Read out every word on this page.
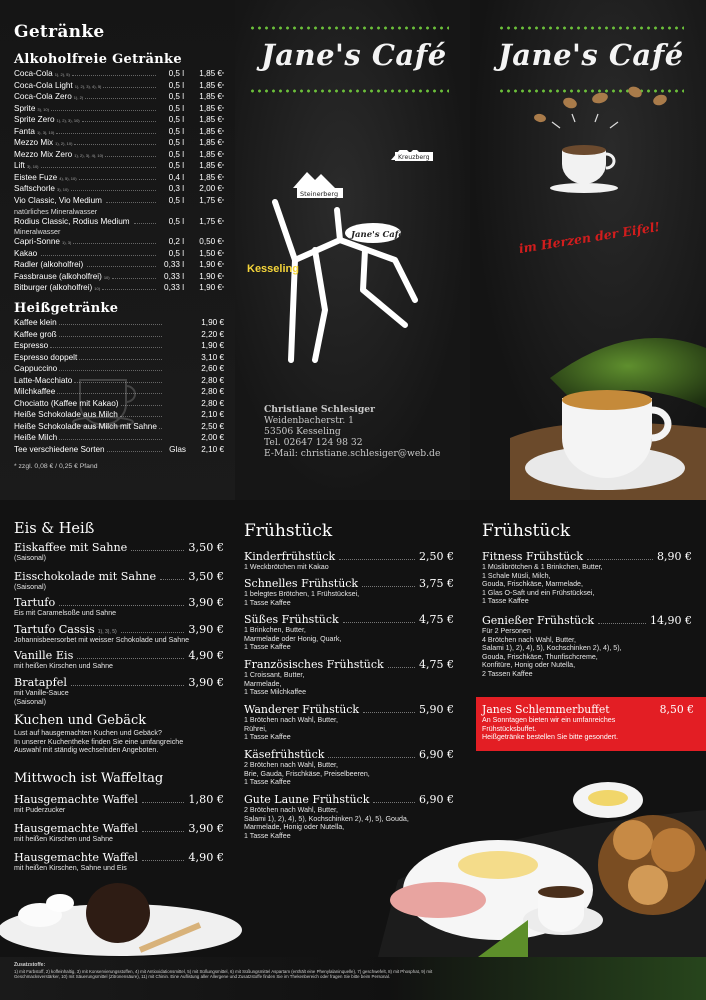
Getränke
Alkoholfreie Getränke
Coca-Cola 1), 2), 5)	0,5 l	1,85 € *
Coca-Cola Light 1), 2), 3), 4), 5)	0,5 l	1,85 € *
Coca-Cola Zero 1), 2)	0,5 l	1,85 € *
Sprite 3), 10)	0,5 l	1,85 € *
Sprite Zero 1), 2), 3), 10)	0,5 l	1,85 € *
Fanta 1), 3), 10)	0,5 l	1,85 € *
Mezzo Mix 1), 2), 10)	0,5 l	1,85 € *
Mezzo Mix Zero 1), 2), 3), 4), 10)	0,5 l	1,85 € *
Lift 3), 10)	0,5 l	1,85 € *
Eistee Fuze 4), 5), 10)	0,4 l	1,85 € *
Saftschorle 3), 10)	0,3 l	2,00 € *
Vio Classic, Vio Medium	0,5 l	1,75 € *
natürliches Mineralwasser
Rodius Classic, Rodius Medium	0,5 l	1,75 € *
Mineralwasser
Capri-Sonne 1), 3)	0,2 l	0,50 € *
Kakao	0,5 l	1,50 € *
Radler (alkoholfrei)	0,33 l	1,90 € *
Fassbrause (alkoholfrei) 10)	0,33 l	1,90 € *
Bitburger (alkoholfrei) 10)	0,33 l	1,90 € *
Heißgetränke
Kaffee klein	1,90 €
Kaffee groß	2,20 €
Espresso	1,90 €
Espresso doppelt	3,10 €
Cappuccino	2,60 €
Latte-Macchiato	2,80 €
Milchkaffee	2,80 €
Chociatto (Kaffee mit Kakao)	2,80 €
Heiße Schokolade aus Milch	2,10 €
Heiße Schokolade aus Milch mit Sahne	2,50 €
Heiße Milch	2,00 €
Tee verschiedene Sorten	Glas	2,10 €
* zzgl. 0,08 € / 0,25 € Pfand
Jane's Café
Steinerberg
Kreuzberg
Jane's Café
Kesseling
Christiane Schlesiger
Weidenbacherstr. 1
53506 Kesseling
Tel. 02647 124 98 32
E-Mail: christiane.schlesiger@web.de
Jane's Café
im Herzen der Eifel!
Eis & Heiß
Eiskaffee mit Sahne	3,50 €
(Saisonal)
Eisschokolade mit Sahne	3,50 €
(Saisonal)
Tartufo	3,90 €
Eis mit Caramelsoße und Sahne
Tartufo Cassis 1), 3), 5)	3,90 €
Johannisbeersorbet mit weisser Schokolade und Sahne
Vanille Eis	4,90 €
mit heißen Kirschen und Sahne
Bratapfel	3,90 €
mit Vanille-Sauce
(Saisonal)
Kuchen und Gebäck
Lust auf hausgemachten Kuchen und Gebäck?
In unserer Kuchentheke finden Sie eine umfangreiche
Auswahl mit ständig wechselnden Angeboten.
Mittwoch ist Waffeltag
Hausgemachte Waffel	1,80 €
mit Puderzucker
Hausgemachte Waffel	3,90 €
mit heißen Kirschen und Sahne
Hausgemachte Waffel	4,90 €
mit heißen Kirschen, Sahne und Eis
Frühstück
Kinderfrühstück	2,50 €
1 Weckbrötchen mit Kakao
Schnelles Frühstück	3,75 €
1 belegtes Brötchen, 1 Frühstücksei,
1 Tasse Kaffee
Süßes Frühstück	4,75 €
1 Brinkchen, Butter,
Marmelade oder Honig, Quark,
1 Tasse Kaffee
Französisches Frühstück	4,75 €
1 Croissant, Butter,
Marmelade,
1 Tasse Milchkaffee
Wanderer Frühstück	5,90 €
1 Brötchen nach Wahl, Butter,
Rührei,
1 Tasse Kaffee
Käsefrühstück	6,90 €
2 Brötchen nach Wahl, Butter,
Brie, Gauda, Frischkäse, Preiselbeeren,
1 Tasse Kaffee
Gute Laune Frühstück	6,90 €
2 Brötchen nach Wahl, Butter,
Salami 1), 2), 4), 5), Kochschinken 2), 4), 5), Gouda,
Marmelade, Honig oder Nutella,
1 Tasse Kaffee
Frühstück
Fitness Frühstück	8,90 €
1 Müslibrötchen & 1 Brinkchen, Butter,
1 Schale Müsli, Milch,
Gouda, Frischkäse, Marmelade,
1 Glas O-Saft und ein Frühstücksei,
1 Tasse Kaffee
Genießer Frühstück	14,90 €
Für 2 Personen
4 Brötchen nach Wahl, Butter,
Salami 1), 2), 4), 5), Kochschinken 2), 4), 5),
Gouda, Frischkäse, Thunfischcreme,
Konfitüre, Honig oder Nutella,
2 Tassen Kaffee
Janes Schlemmerbuffet	8,50 €
An Sonntagen bieten wir ein umfanreiches
Frühstücksbuffet.
Heißgetränke bestellen Sie bitte gesondert.
Zusatzstoffe:
1) mit Farbstoff, 2) koffeinhaltig, 3) mit Konservierungsstoffen, 4) mit Antioxidationsmittel, 5) mit Süßungsmittel, 6) mit Süßungsmittel Aspartam (enthält eine Phenylalaninquelle), 7) geschwefelt, 8) mit Phosphat, 9) mit Geschmacksverstärker, 10) mit Säuerungsmittel (Zitronensäure), 11) mit Chinin. Eine Auflistung aller Allergene und Zusatzstoffe finden Sie im Thekenbereich oder fragen Sie bitte beim Personal.
